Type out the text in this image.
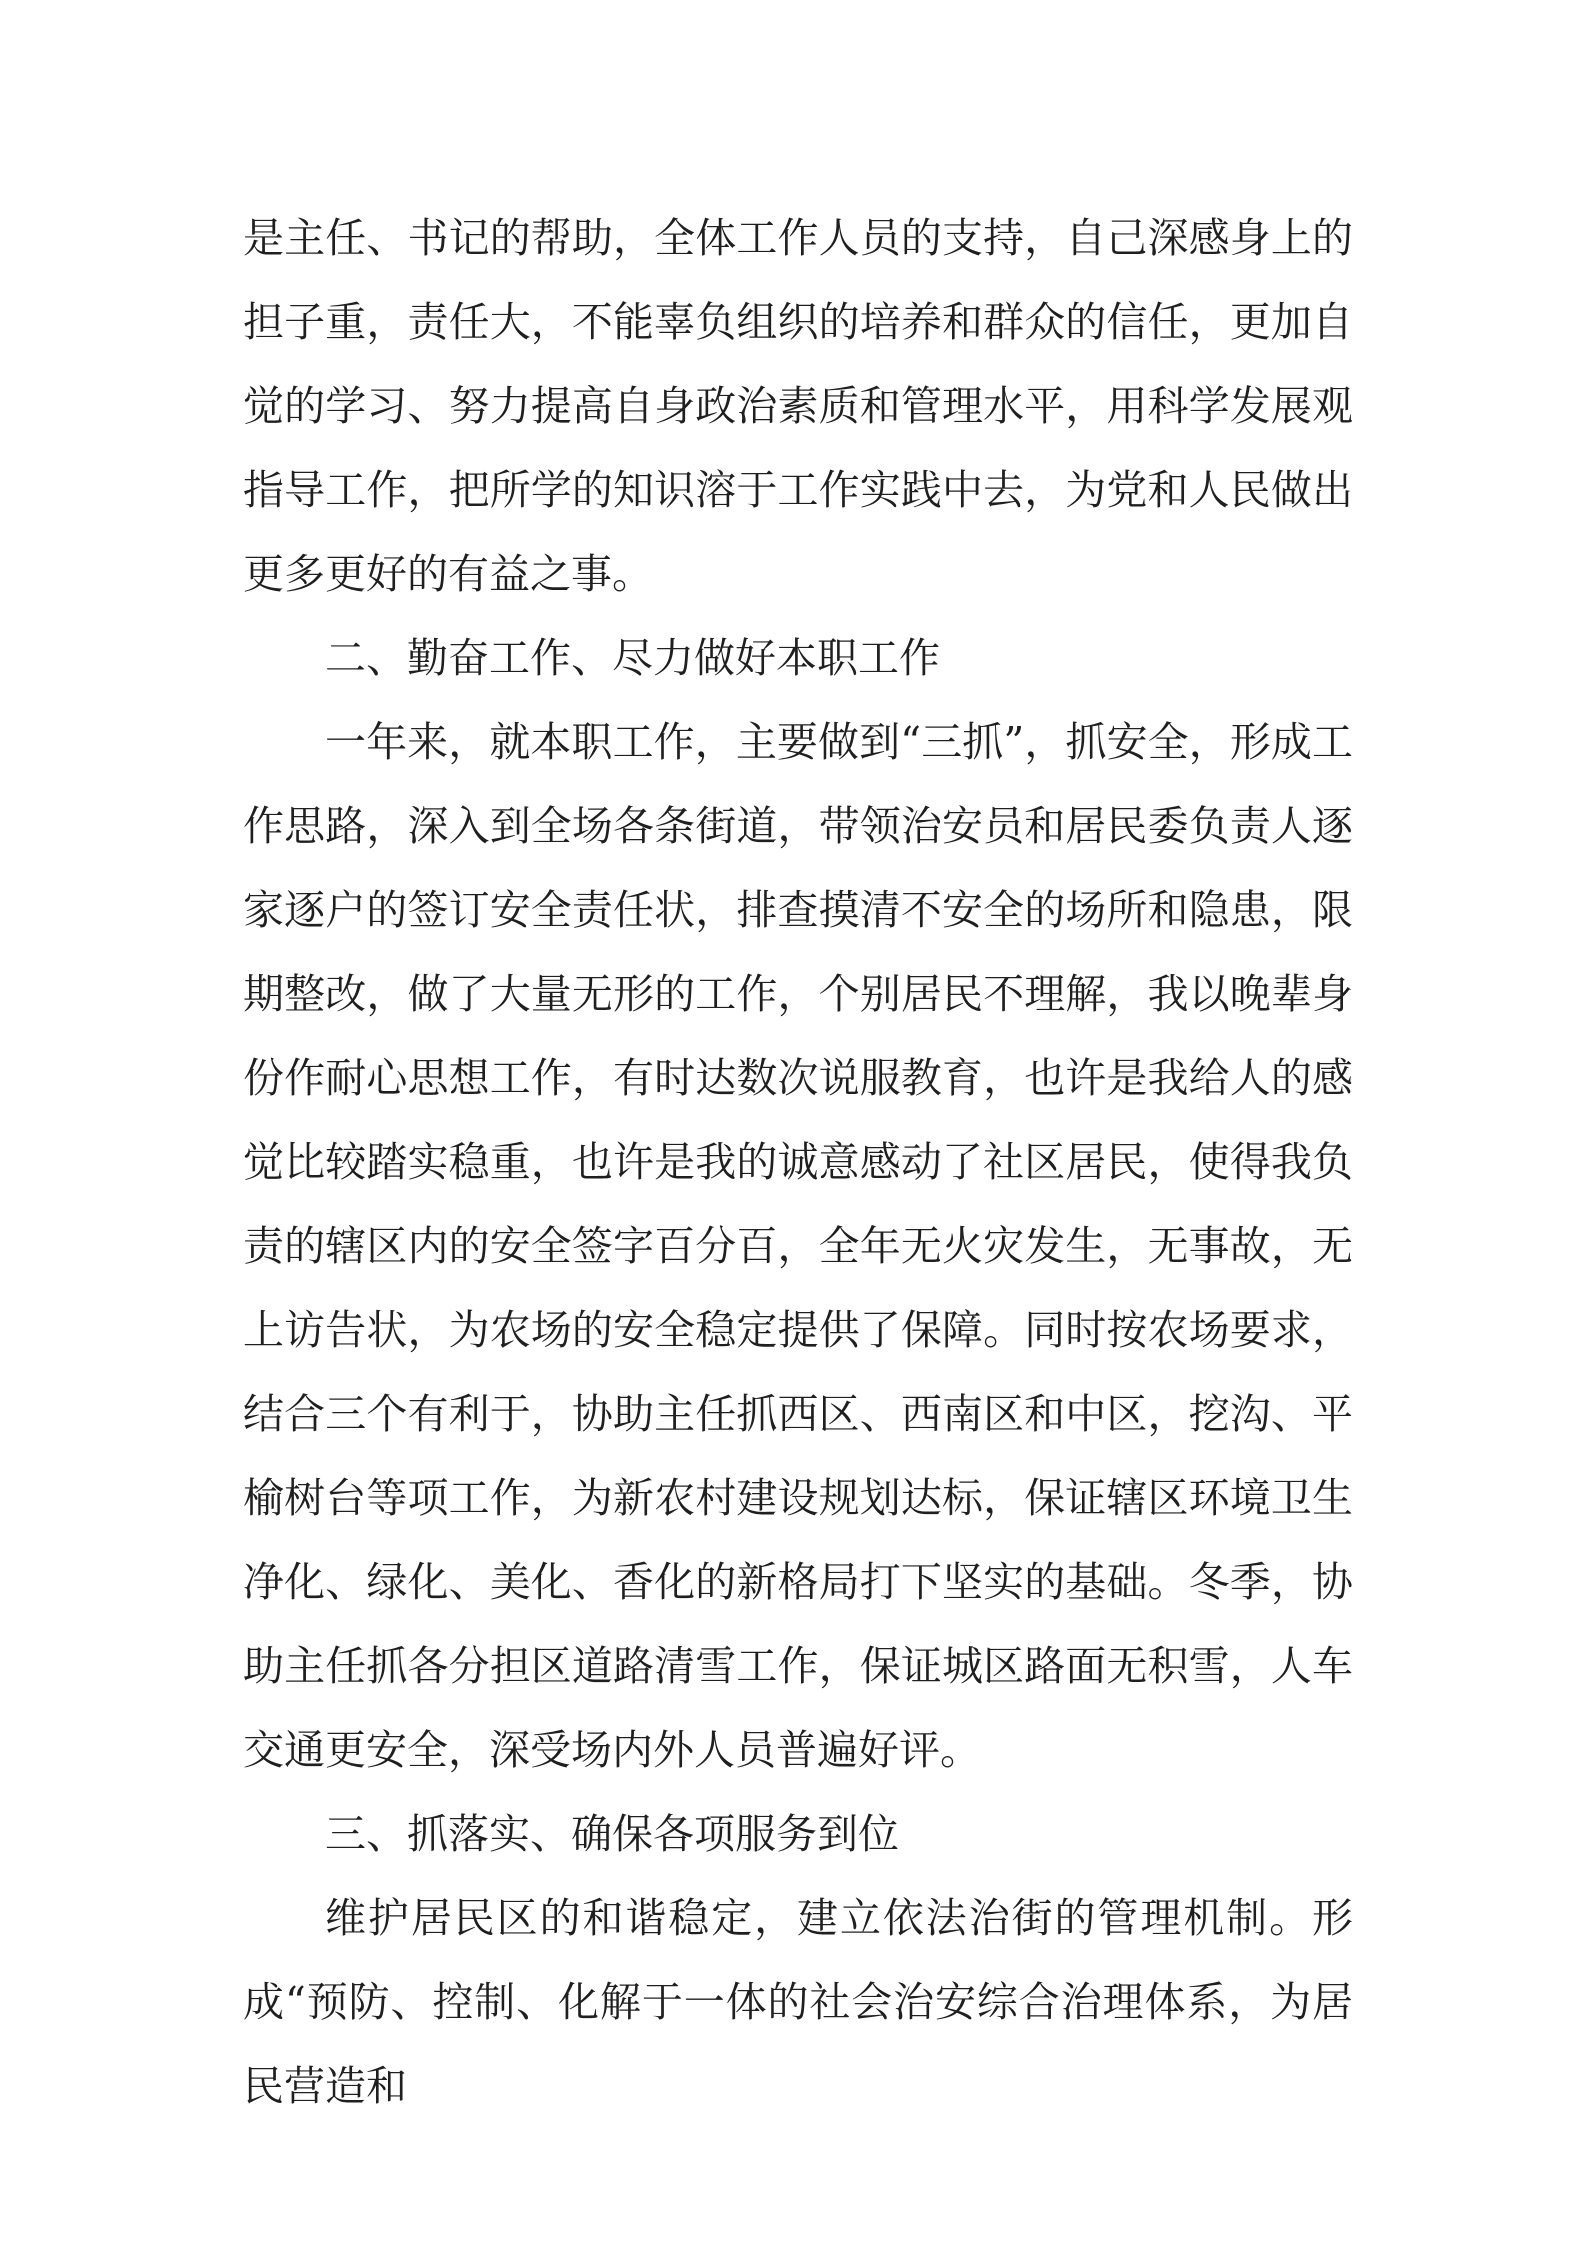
是主任、书记的帮助，全体工作人员的支持，自己深感身上的担子重，责任大，不能辜负组织的培养和群众的信任，更加自觉的学习、努力提高自身政治素质和管理水平，用科学发展观指导工作，把所学的知识溶于工作实践中去，为党和人民做出更多更好的有益之事。

二、勤奋工作、尽力做好本职工作

一年来，就本职工作，主要做到“三抓”，抓安全，形成工作思路，深入到全场各条街道，带领治安员和居民委负责人逐家逐户的签订安全责任状，排查摸清不安全的场所和隐患，限期整改，做了大量无形的工作，个别居民不理解，我以晚辈身份作耐心思想工作，有时达数次说服教育，也许是我给人的感觉比较踏实稳重，也许是我的诚意感动了社区居民，使得我负责的辖区内的安全签字百分百，全年无火灾发生，无事故，无上访告状，为农场的安全稳定提供了保障。同时按农场要求，结合三个有利于，协助主任抓西区、西南区和中区，挖沟、平榆树台等项工作，为新农村建设规划达标，保证辖区环境卫生净化、绿化、美化、香化的新格局打下坚实的基础。冬季，协助主任抓各分担区道路清雪工作，保证城区路面无积雪，人车交通更安全，深受场内外人员普遍好评。

三、抓落实、确保各项服务到位

维护居民区的和谐稳定，建立依法治街的管理机制。形成“预防、控制、化解于一体的社会治安综合治理体系，为居民营造和
